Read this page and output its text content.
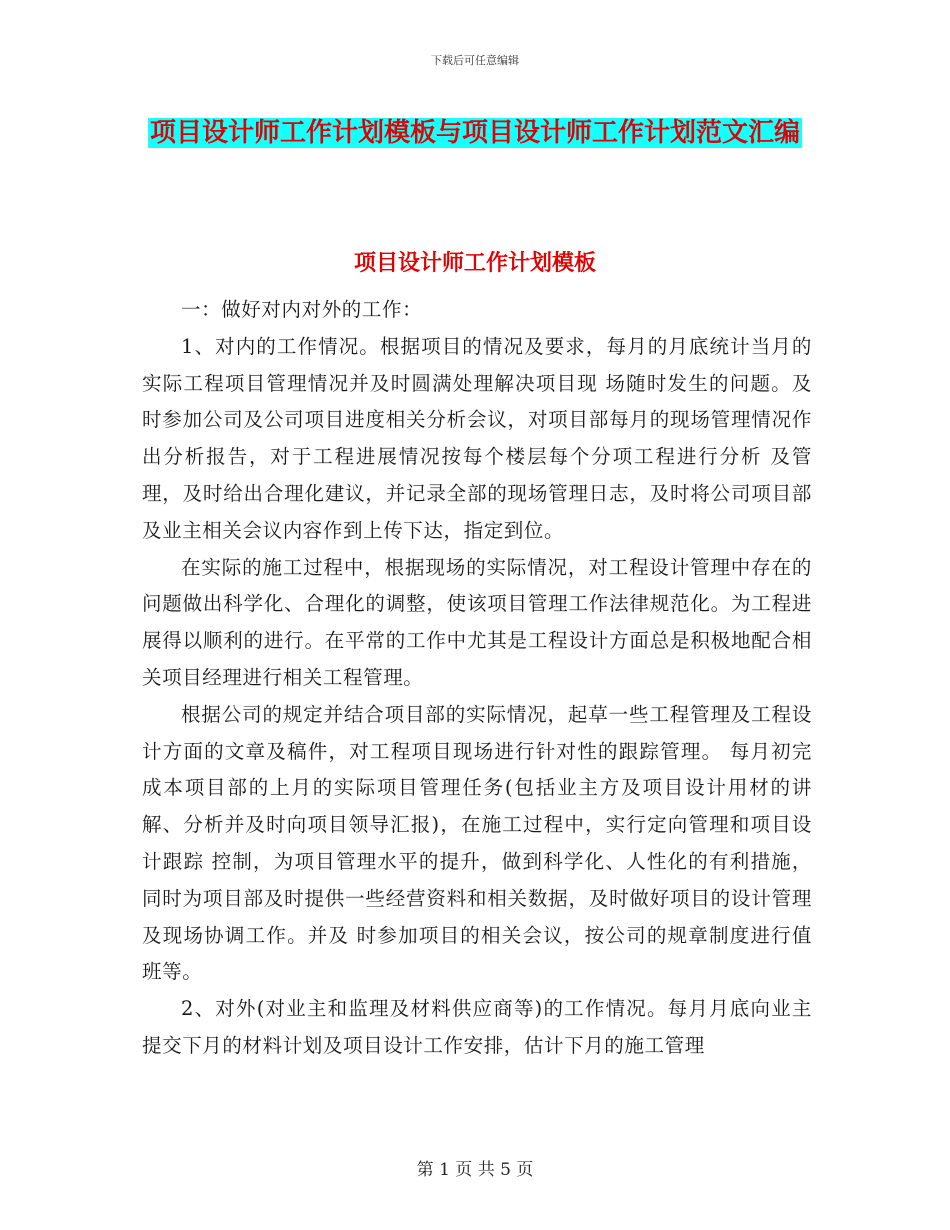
下载后可任意编辑
项目设计师工作计划模板与项目设计师工作计划范文汇编
项目设计师工作计划模板

一：做好对内对外的工作：

1、对内的工作情况。根据项目的情况及要求，每月的月底统计当月的实际工程项目管理情况并及时圆满处理解决项目现 场随时发生的问题。及时参加公司及公司项目进度相关分析会议，对项目部每月的现场管理情况作出分析报告，对于工程进展情况按每个楼层每个分项工程进行分析 及管理，及时给出合理化建议，并记录全部的现场管理日志，及时将公司项目部及业主相关会议内容作到上传下达，指定到位。

在实际的施工过程中，根据现场的实际情况，对工程设计管理中存在的问题做出科学化、合理化的调整，使该项目管理工作法律规范化。为工程进展得以顺利的进行。在平常的工作中尤其是工程设计方面总是积极地配合相关项目经理进行相关工程管理。

根据公司的规定并结合项目部的实际情况，起草一些工程管理及工程设计方面的文章及稿件，对工程项目现场进行针对性的跟踪管理。 每月初完成本项目部的上月的实际项目管理任务(包括业主方及项目设计用材的讲解、分析并及时向项目领导汇报)，在施工过程中，实行定向管理和项目设计跟踪 控制，为项目管理水平的提升，做到科学化、人性化的有利措施，同时为项目部及时提供一些经营资料和相关数据，及时做好项目的设计管理及现场协调工作。并及 时参加项目的相关会议，按公司的规章制度进行值班等。

2、对外(对业主和监理及材料供应商等)的工作情况。每月月底向业主提交下月的材料计划及项目设计工作安排，估计下月的施工管理

第 1 页 共 5 页
